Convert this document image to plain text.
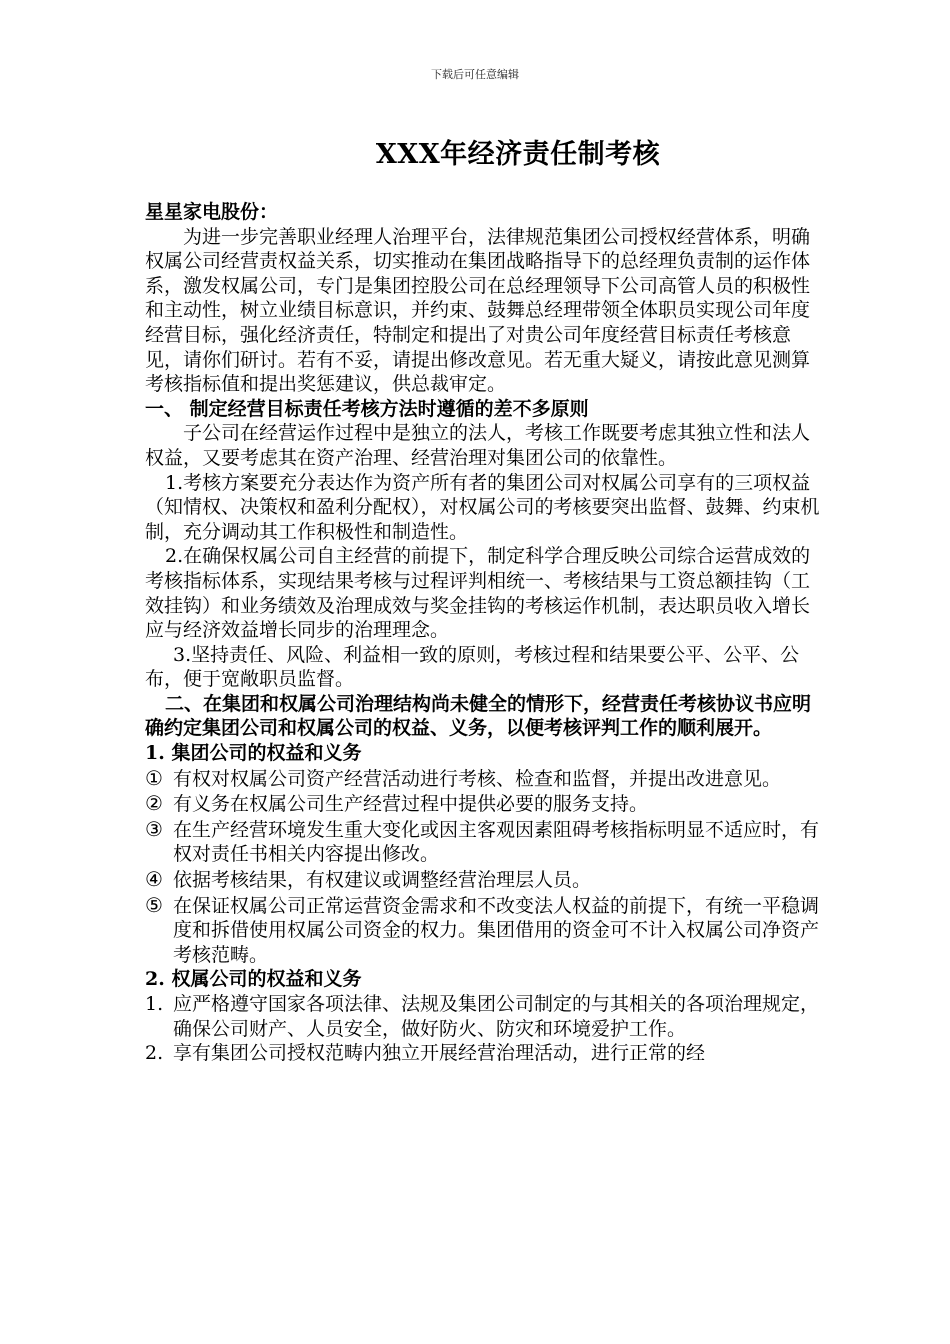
下载后可任意编辑
XXX年经济责任制考核

星星家电股份：

为进一步完善职业经理人治理平台，法律规范集团公司授权经营体系，明确权属公司经营责权益关系，切实推动在集团战略指导下的总经理负责制的运作体系，激发权属公司，专门是集团控股公司在总经理领导下公司高管人员的积极性和主动性，树立业绩目标意识，并约束、鼓舞总经理带领全体职员实现公司年度经营目标，强化经济责任，特制定和提出了对贵公司年度经营目标责任考核意见，请你们研讨。若有不妥，请提出修改意见。若无重大疑义，请按此意见测算考核指标值和提出奖惩建议，供总裁审定。

一、 制定经营目标责任考核方法时遵循的差不多原则

子公司在经营运作过程中是独立的法人，考核工作既要考虑其独立性和法人权益，又要考虑其在资产治理、经营治理对集团公司的依靠性。

1.考核方案要充分表达作为资产所有者的集团公司对权属公司享有的三项权益（知情权、决策权和盈利分配权），对权属公司的考核要突出监督、鼓舞、约束机制，充分调动其工作积极性和制造性。

2.在确保权属公司自主经营的前提下，制定科学合理反映公司综合运营成效的考核指标体系，实现结果考核与过程评判相统一、考核结果与工资总额挂钩（工效挂钩）和业务绩效及治理成效与奖金挂钩的考核运作机制，表达职员收入增长应与经济效益增长同步的治理理念。

3.坚持责任、风险、利益相一致的原则，考核过程和结果要公平、公平、公布，便于宽敞职员监督。

二、在集团和权属公司治理结构尚未健全的情形下，经营责任考核协议书应明确约定集团公司和权属公司的权益、义务，以便考核评判工作的顺利展开。

1. 集团公司的权益和义务

① 有权对权属公司资产经营活动进行考核、检查和监督，并提出改进意见。

② 有义务在权属公司生产经营过程中提供必要的服务支持。

③ 在生产经营环境发生重大变化或因主客观因素阻碍考核指标明显不适应时，有权对责任书相关内容提出修改。

④ 依据考核结果，有权建议或调整经营治理层人员。

⑤ 在保证权属公司正常运营资金需求和不改变法人权益的前提下，有统一平稳调度和拆借使用权属公司资金的权力。集团借用的资金可不计入权属公司净资产考核范畴。

2. 权属公司的权益和义务

1. 应严格遵守国家各项法律、法规及集团公司制定的与其相关的各项治理规定，确保公司财产、人员安全，做好防火、防灾和环境爱护工作。

2. 享有集团公司授权范畴内独立开展经营治理活动，进行正常的经
